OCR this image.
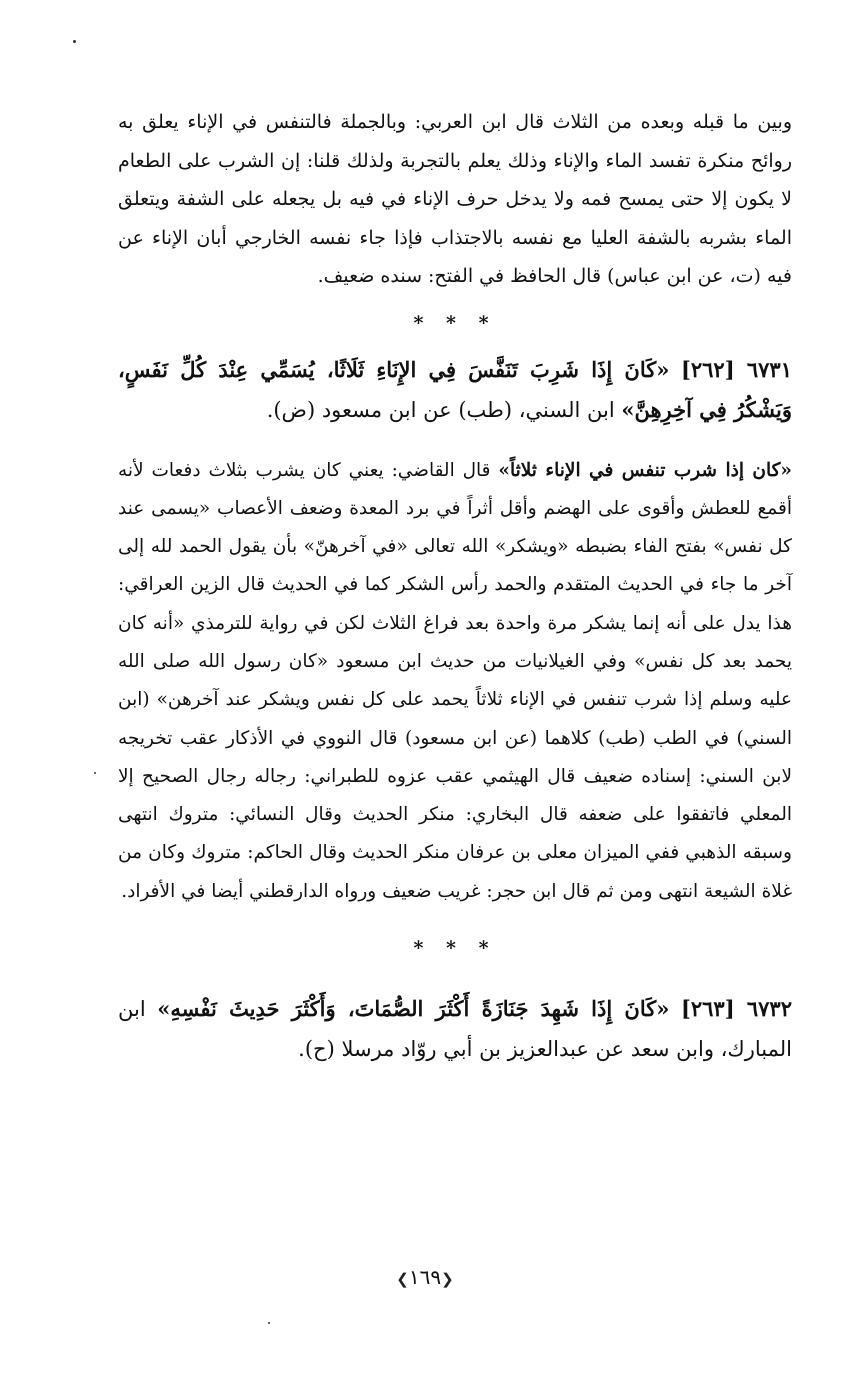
وبين ما قبله وبعده من الثلاث قال ابن العربي: وبالجملة فالتنفس في الإناء يعلق به روائح منكرة تفسد الماء والإناء وذلك يعلم بالتجربة ولذلك قلنا: إن الشرب على الطعام لا يكون إلا حتى يمسح فمه ولا يدخل حرف الإناء في فيه بل يجعله على الشفة ويتعلق الماء بشربه بالشفة العليا مع نفسه بالاجتذاب فإذا جاء نفسه الخارجي أبان الإناء عن فيه (ت، عن ابن عباس) قال الحافظ في الفتح: سنده ضعيف.

* * *

٦٧٣١ [٢٦٢] «كَانَ إِذَا شَرِبَ تَنَفَّسَ فِي الإِنَاءِ ثَلَاثًا، يُسَمِّي عِنْدَ كُلِّ نَفَسٍ، وَيَشْكُرُ فِي آخِرِهِنَّ» ابن السني، (طب) عن ابن مسعود (ض).

«كان إذا شرب تنفس في الإناء ثلاثاً» قال القاضي: يعني كان يشرب بثلاث دفعات لأنه أقمع للعطش وأقوى على الهضم وأقل أثراً في برد المعدة وضعف الأعصاب «يسمى عند كل نفس» بفتح الفاء بضبطه «ويشكر» الله تعالى «في آخرهنّ» بأن يقول الحمد لله إلى آخر ما جاء في الحديث المتقدم والحمد رأس الشكر كما في الحديث قال الزين العراقي: هذا يدل على أنه إنما يشكر مرة واحدة بعد فراغ الثلاث لكن في رواية للترمذي «أنه كان يحمد بعد كل نفس» وفي الغيلانيات من حديث ابن مسعود «كان رسول الله صلى الله عليه وسلم إذا شرب تنفس في الإناء ثلاثاً يحمد على كل نفس ويشكر عند آخرهن» (ابن السني) في الطب (طب) كلاهما (عن ابن مسعود) قال النووي في الأذكار عقب تخريجه لابن السني: إسناده ضعيف قال الهيثمي عقب عزوه للطبراني: رجاله رجال الصحيح إلا المعلي فاتفقوا على ضعفه قال البخاري: منكر الحديث وقال النسائي: متروك انتهى وسبقه الذهبي ففي الميزان معلى بن عرفان منكر الحديث وقال الحاكم: متروك وكان من غلاة الشيعة انتهى ومن ثم قال ابن حجر: غريب ضعيف ورواه الدارقطني أيضا في الأفراد.

* * *

٦٧٣٢ [٢٦٣] «كَانَ إِذَا شَهِدَ جَنَازَةً أَكْثَرَ الصُّمَاتَ، وَأَكْثَرَ حَدِيثَ نَفْسِهِ» ابن المبارك، وابن سعد عن عبدالعزيز بن أبي روّاد مرسلا (ح).

❮١٦٩❯
